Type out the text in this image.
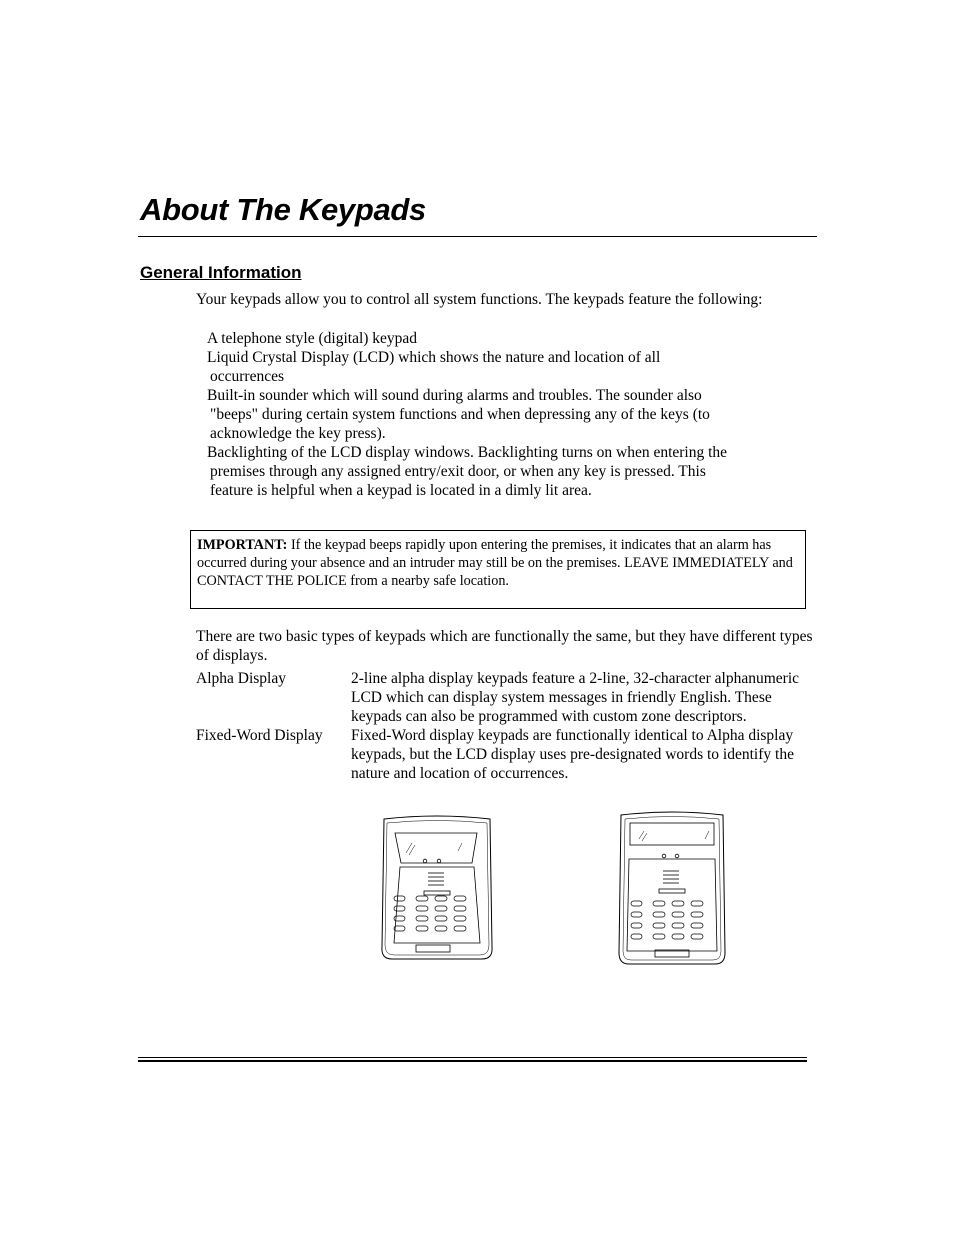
About The Keypads
General Information
Your keypads allow you to control all system functions. The keypads feature the following:
A telephone style (digital) keypad
Liquid Crystal Display (LCD) which shows the nature and location of all
occurrences
Built-in sounder which will sound during alarms and troubles. The sounder also
"beeps" during certain system functions and when depressing any of the keys (to
acknowledge the key press).
Backlighting of the LCD display windows. Backlighting turns on when entering the
premises through any assigned entry/exit door, or when any key is pressed. This
feature is helpful when a keypad is located in a dimly lit area.
IMPORTANT: If the keypad beeps rapidly upon entering the premises, it indicates that an alarm has occurred during your absence and an intruder may still be on the premises. LEAVE IMMEDIATELY and CONTACT THE POLICE from a nearby safe location.
There are two basic types of keypads which are functionally the same, but they have different types of displays.
Alpha Display	2-line alpha display keypads feature a 2-line, 32-character alphanumeric LCD which can display system messages in friendly English. These keypads can also be programmed with custom zone descriptors.
Fixed-Word Display	Fixed-Word display keypads are functionally identical to Alpha display keypads, but the LCD display uses pre-designated words to identify the nature and location of occurrences.
